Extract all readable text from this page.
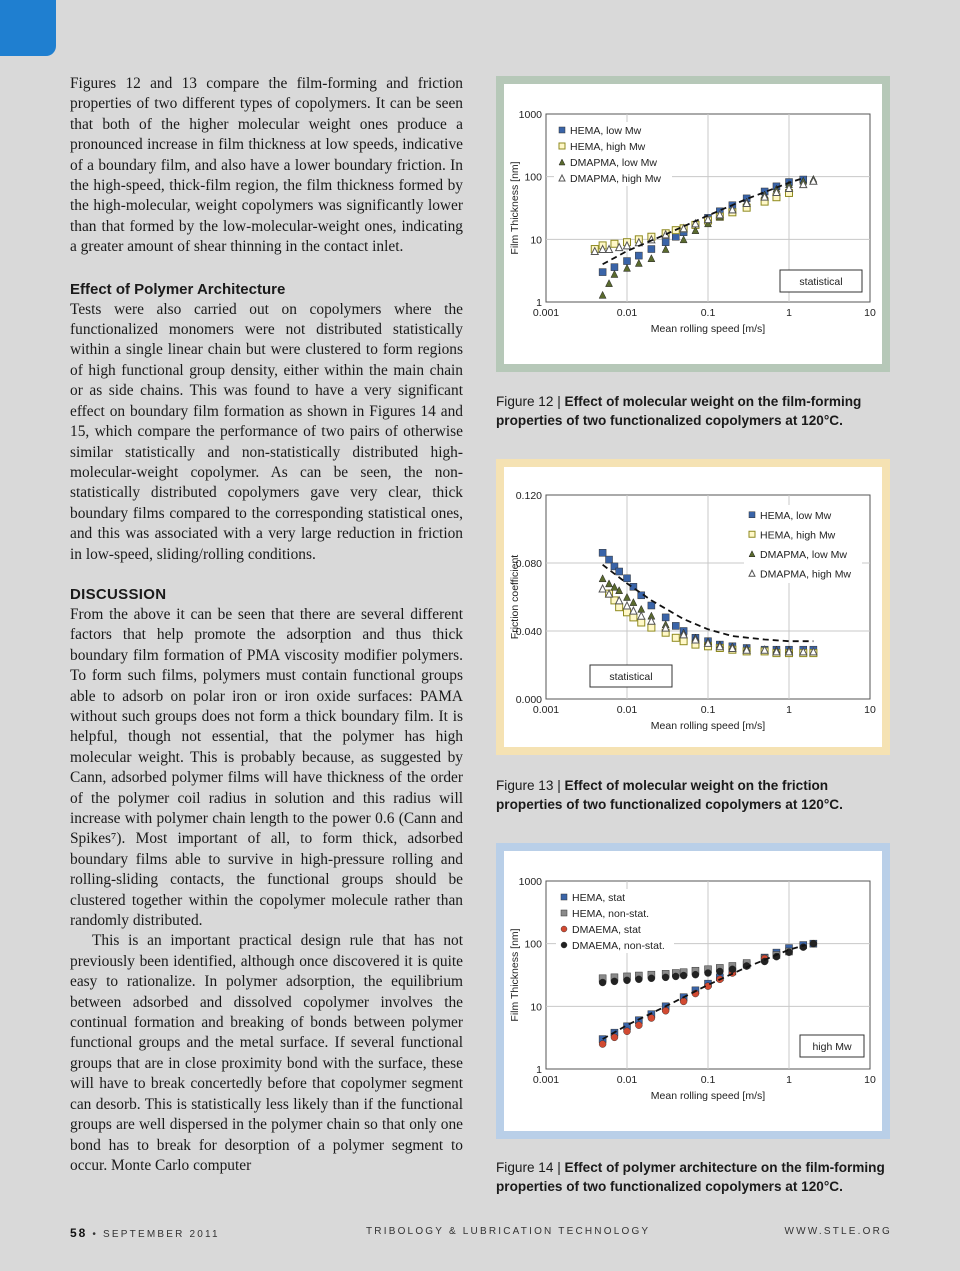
Figures 12 and 13 compare the film-forming and friction properties of two different types of copolymers. It can be seen that both of the higher molecular weight ones produce a pronounced increase in film thickness at low speeds, indicative of a boundary film, and also have a lower boundary friction. In the high-speed, thick-film region, the film thickness formed by the high-molecular, weight copolymers was significantly lower than that formed by the low-molecular-weight ones, indicating a greater amount of shear thinning in the contact inlet.

Effect of Polymer Architecture

Tests were also carried out on copolymers where the functionalized monomers were not distributed statistically within a single linear chain but were clustered to form regions of high functional group density, either within the main chain or as side chains. This was found to have a very significant effect on boundary film formation as shown in Figures 14 and 15, which compare the performance of two pairs of otherwise similar statistically and non-statistically distributed high-molecular-weight copolymer. As can be seen, the non-statistically distributed copolymers gave very clear, thick boundary films compared to the corresponding statistical ones, and this was associated with a very large reduction in friction in low-speed, sliding/rolling conditions.

DISCUSSION

From the above it can be seen that there are several different factors that help promote the adsorption and thus thick boundary film formation of PMA viscosity modifier polymers. To form such films, polymers must contain functional groups able to adsorb on polar iron or iron oxide surfaces: PAMA without such groups does not form a thick boundary film. It is helpful, though not essential, that the polymer has high molecular weight. This is probably because, as suggested by Cann, adsorbed polymer films will have thickness of the order of the polymer coil radius in solution and this radius will increase with polymer chain length to the power 0.6 (Cann and Spikes⁷). Most important of all, to form thick, adsorbed boundary films able to survive in high-pressure rolling and rolling-sliding contacts, the functional groups should be clustered together within the copolymer molecule rather than randomly distributed.

This is an important practical design rule that has not previously been identified, although once discovered it is quite easy to rationalize. In polymer adsorption, the equilibrium between adsorbed and dissolved copolymer involves the continual formation and breaking of bonds between polymer functional groups and the metal surface. If several functional groups that are in close proximity bond with the surface, these will have to break concertedly before that copolymer segment can desorb. This is statistically less likely than if the functional groups are well dispersed in the polymer chain so that only one bond has to break for desorption of a polymer segment to occur. Monte Carlo computer

0.001	0.01	0.1	1	10
1
10
100
1000
Mean rolling speed [m/s]
Film Thickness [nm]
HEMA, low Mw
HEMA, high Mw
DMAPMA, low Mw
DMAPMA, high Mw
statistical
Figure 12 | Effect of molecular weight on the film-forming properties of two functionalized copolymers at 120°C.
0.001	0.01	0.1	1	10
0.000
0.040
0.080
0.120
Mean rolling speed [m/s]
Friction coefficient
HEMA, low Mw
HEMA, high Mw
DMAPMA, low Mw
DMAPMA, high Mw
statistical
Figure 13 | Effect of molecular weight on the friction properties of two functionalized copolymers at 120°C.
0.001	0.01	0.1	1	10
1
10
100
1000
Mean rolling speed [m/s]
Film Thickness [nm]
HEMA, stat
HEMA, non-stat.
DMAEMA, stat
DMAEMA, non-stat.
high Mw
Figure 14 | Effect of polymer architecture on the film-forming properties of two functionalized copolymers at 120°C.
58 • SEPTEMBER 2011	TRIBOLOGY & LUBRICATION TECHNOLOGY	WWW.STLE.ORG
